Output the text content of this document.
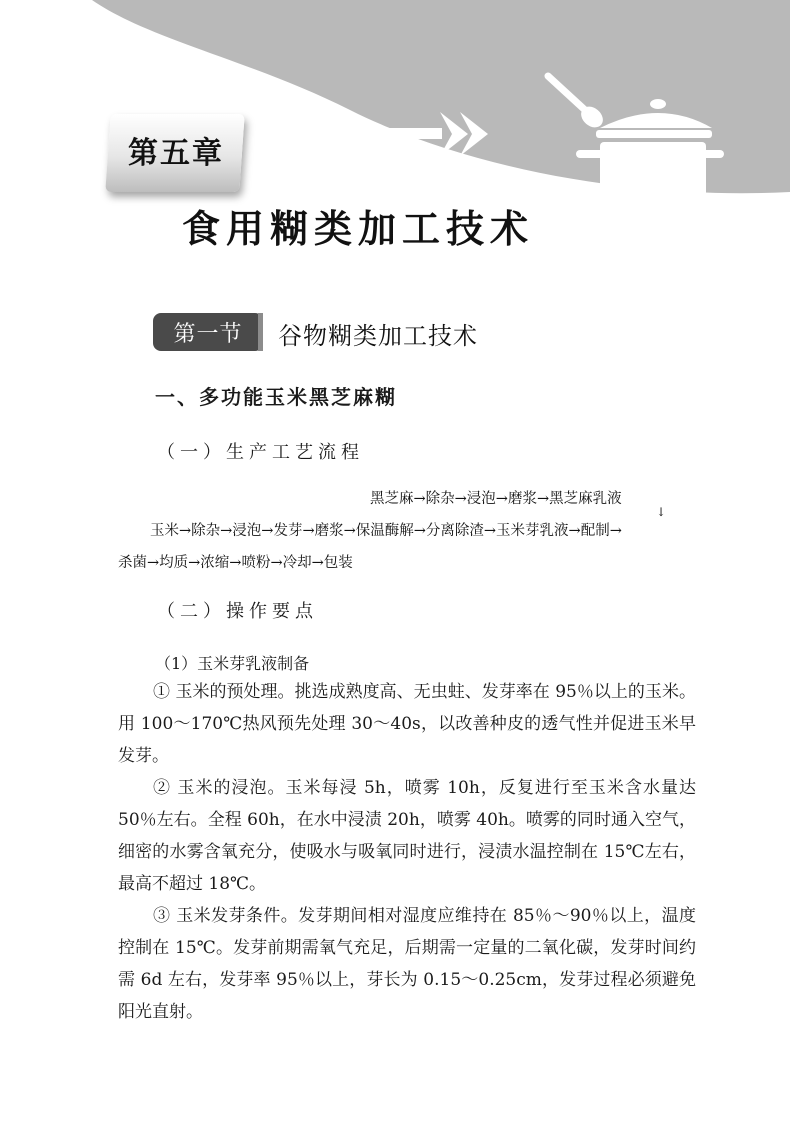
第五章
食用糊类加工技术
第一节 谷物糊类加工技术
一、多功能玉米黑芝麻糊
（一）生产工艺流程
黑芝麻→除杂→浸泡→磨浆→黑芝麻乳液
↓
玉米→除杂→浸泡→发芽→磨浆→保温酶解→分离除渣→玉米芽乳液→配制→
杀菌→均质→浓缩→喷粉→冷却→包装
（二）操作要点
（1）玉米芽乳液制备

① 玉米的预处理。挑选成熟度高、无虫蛀、发芽率在 95％以上的玉米。用 100～170℃热风预先处理 30～40s，以改善种皮的透气性并促进玉米早发芽。

② 玉米的浸泡。玉米每浸 5h，喷雾 10h，反复进行至玉米含水量达 50％左右。全程 60h，在水中浸渍 20h，喷雾 40h。喷雾的同时通入空气，细密的水雾含氧充分，使吸水与吸氧同时进行，浸渍水温控制在 15℃左右，最高不超过 18℃。

③ 玉米发芽条件。发芽期间相对湿度应维持在 85％～90％以上，温度控制在 15℃。发芽前期需氧气充足，后期需一定量的二氧化碳，发芽时间约需 6d 左右，发芽率 95％以上，芽长为 0.15～0.25cm，发芽过程必须避免阳光直射。
